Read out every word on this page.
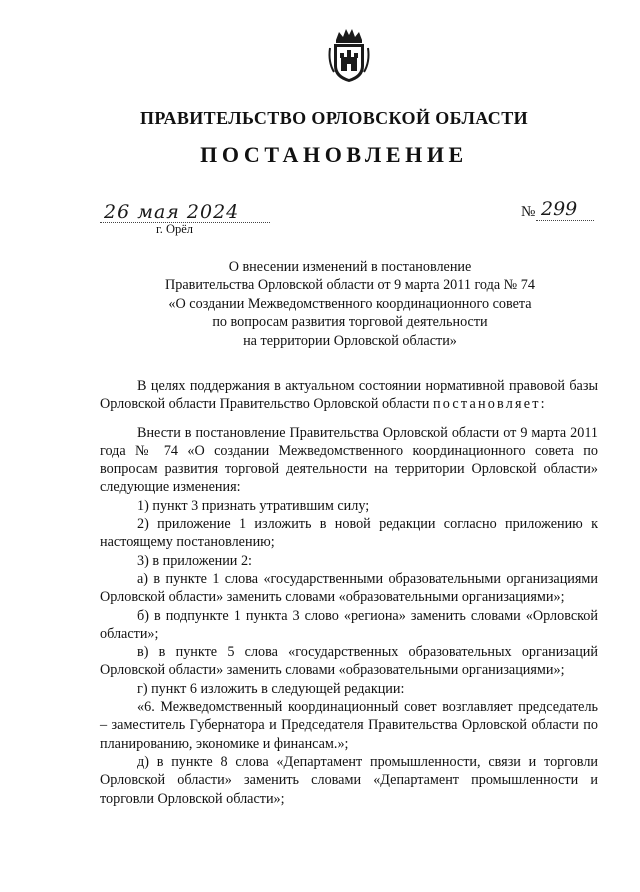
ПРАВИТЕЛЬСТВО ОРЛОВСКОЙ ОБЛАСТИ
ПОСТАНОВЛЕНИЕ
26 мая 2024
г. Орёл
№ 299
О внесении изменений в постановление
Правительства Орловской области от 9 марта 2011 года № 74
«О создании Межведомственного координационного совета
по вопросам развития торговой деятельности
на территории Орловской области»

В целях поддержания в актуальном состоянии нормативной правовой базы Орловской области Правительство Орловской области постановляет:

Внести в постановление Правительства Орловской области от 9 марта 2011 года № 74 «О создании Межведомственного координационного совета по вопросам развития торговой деятельности на территории Орловской области» следующие изменения:

1) пункт 3 признать утратившим силу;

2) приложение 1 изложить в новой редакции согласно приложению к настоящему постановлению;

3) в приложении 2:

а) в пункте 1 слова «государственными образовательными организациями Орловской области» заменить словами «образовательными организациями»;

б) в подпункте 1 пункта 3 слово «региона» заменить словами «Орловской области»;

в) в пункте 5 слова «государственных образовательных организаций Орловской области» заменить словами «образовательными организациями»;

г) пункт 6 изложить в следующей редакции:

«6. Межведомственный координационный совет возглавляет председатель – заместитель Губернатора и Председателя Правительства Орловской области по планированию, экономике и финансам.»;

д) в пункте 8 слова «Департамент промышленности, связи и торговли Орловской области» заменить словами «Департамент промышленности и торговли Орловской области»;
